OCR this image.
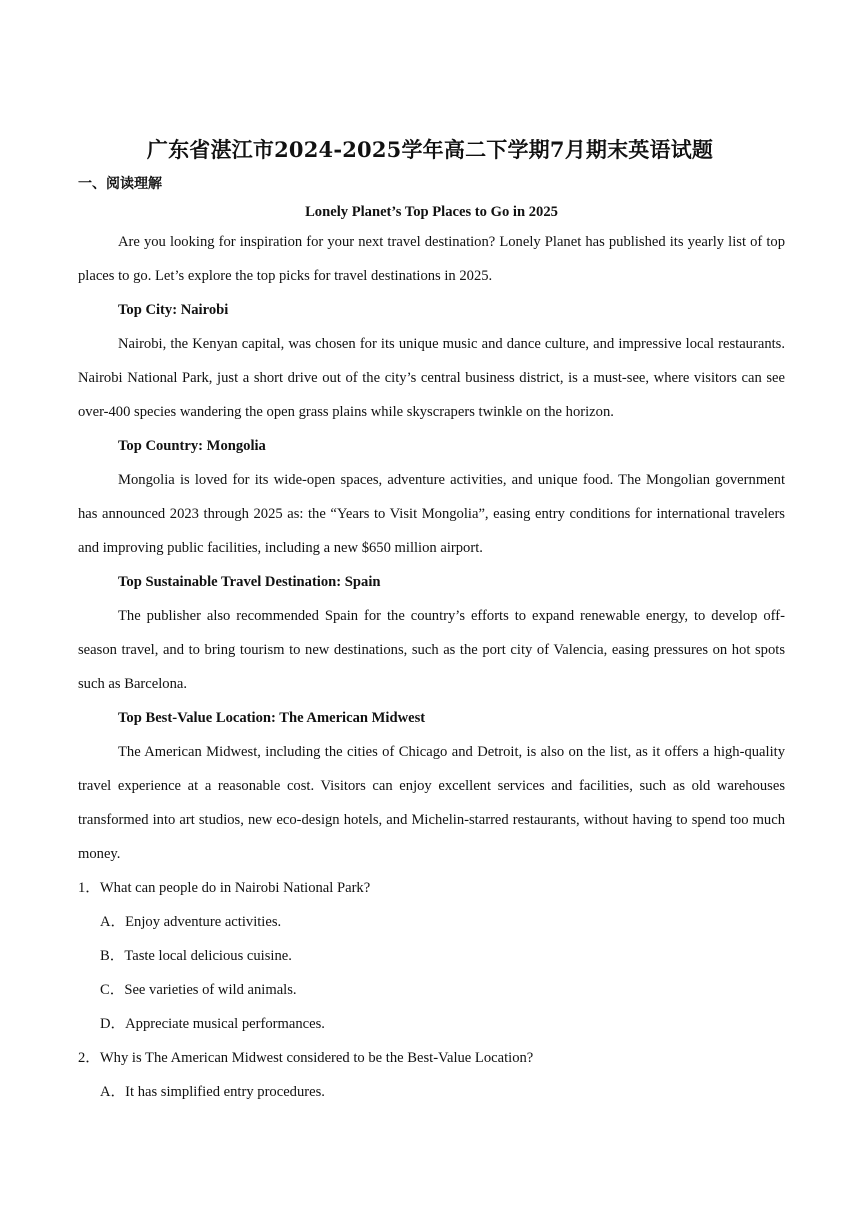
广东省湛江市2024-2025学年高二下学期7月期末英语试题
一、阅读理解

Lonely Planet’s Top Places to Go in 2025

Are you looking for inspiration for your next travel destination? Lonely Planet has published its yearly list of top places to go. Let’s explore the top picks for travel destinations in 2025.

Top City: Nairobi

Nairobi, the Kenyan capital, was chosen for its unique music and dance culture, and impressive local restaurants. Nairobi National Park, just a short drive out of the city’s central business district, is a must-see, where visitors can see over-400 species wandering the open grass plains while skyscrapers twinkle on the horizon.

Top Country: Mongolia

Mongolia is loved for its wide-open spaces, adventure activities, and unique food. The Mongolian government has announced 2023 through 2025 as: the “Years to Visit Mongolia”, easing entry conditions for international travelers and improving public facilities, including a new $650 million airport.

Top Sustainable Travel Destination: Spain

The publisher also recommended Spain for the country’s efforts to expand renewable energy, to develop off-season travel, and to bring tourism to new destinations, such as the port city of Valencia, easing pressures on hot spots such as Barcelona.

Top Best-Value Location: The American Midwest

The American Midwest, including the cities of Chicago and Detroit, is also on the list, as it offers a high-quality travel experience at a reasonable cost. Visitors can enjoy excellent services and facilities, such as old warehouses transformed into art studios, new eco-design hotels, and Michelin-starred restaurants, without having to spend too much money.

1．What can people do in Nairobi National Park?

A．Enjoy adventure activities.

B．Taste local delicious cuisine.

C．See varieties of wild animals.

D．Appreciate musical performances.

2．Why is The American Midwest considered to be the Best-Value Location?

A．It has simplified entry procedures.
